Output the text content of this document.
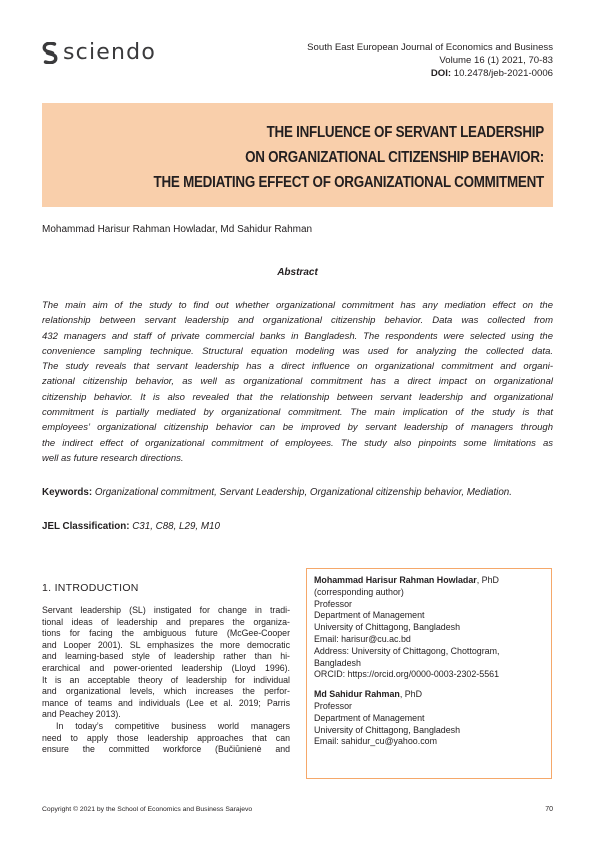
sciendo	South East European Journal of Economics and Business
Volume 16 (1) 2021, 70-83
DOI: 10.2478/jeb-2021-0006
THE INFLUENCE OF SERVANT LEADERSHIP
ON ORGANIZATIONAL CITIZENSHIP BEHAVIOR:
THE MEDIATING EFFECT OF ORGANIZATIONAL COMMITMENT
Mohammad Harisur Rahman Howladar, Md Sahidur Rahman
Abstract
The main aim of the study to find out whether organizational commitment has any mediation effect on the
relationship between servant leadership and organizational citizenship behavior. Data was collected from
432 managers and staff of private commercial banks in Bangladesh. The respondents were selected using the
convenience sampling technique. Structural equation modeling was used for analyzing the collected data.
The study reveals that servant leadership has a direct influence on organizational commitment and organi-
zational citizenship behavior, as well as organizational commitment has a direct impact on organizational
citizenship behavior. It is also revealed that the relationship between servant leadership and organizational
commitment is partially mediated by organizational commitment. The main implication of the study is that
employees’ organizational citizenship behavior can be improved by servant leadership of managers through
the indirect effect of organizational commitment of employees. The study also pinpoints some limitations as
well as future research directions.
Keywords: Organizational commitment, Servant Leadership, Organizational citizenship behavior, Mediation.
JEL Classification: C31, C88, L29, M10
1. INTRODUCTION
Servant leadership (SL) instigated for change in tradi-
tional ideas of leadership and prepares the organiza-
tions for facing the ambiguous future (McGee-Cooper
and Looper 2001). SL emphasizes the more democratic
and learning-based style of leadership rather than hi-
erarchical and power-oriented leadership (Lloyd 1996).
It is an acceptable theory of leadership for individual
and organizational levels, which increases the perfor-
mance of teams and individuals (Lee et al. 2019; Parris
and Peachey 2013).
In today’s competitive business world managers
need to apply those leadership approaches that can
ensure the committed workforce (Bučiūnienė and
Mohammad Harisur Rahman Howladar, PhD
(corresponding author)
Professor
Department of Management
University of Chittagong, Bangladesh
Email: harisur@cu.ac.bd
Address: University of Chittagong, Chottogram,
Bangladesh
ORCID: https://orcid.org/0000-0003-2302-5561
Md Sahidur Rahman, PhD
Professor
Department of Management
University of Chittagong, Bangladesh
Email: sahidur_cu@yahoo.com
Copyright © 2021 by the School of Economics and Business Sarajevo	70
